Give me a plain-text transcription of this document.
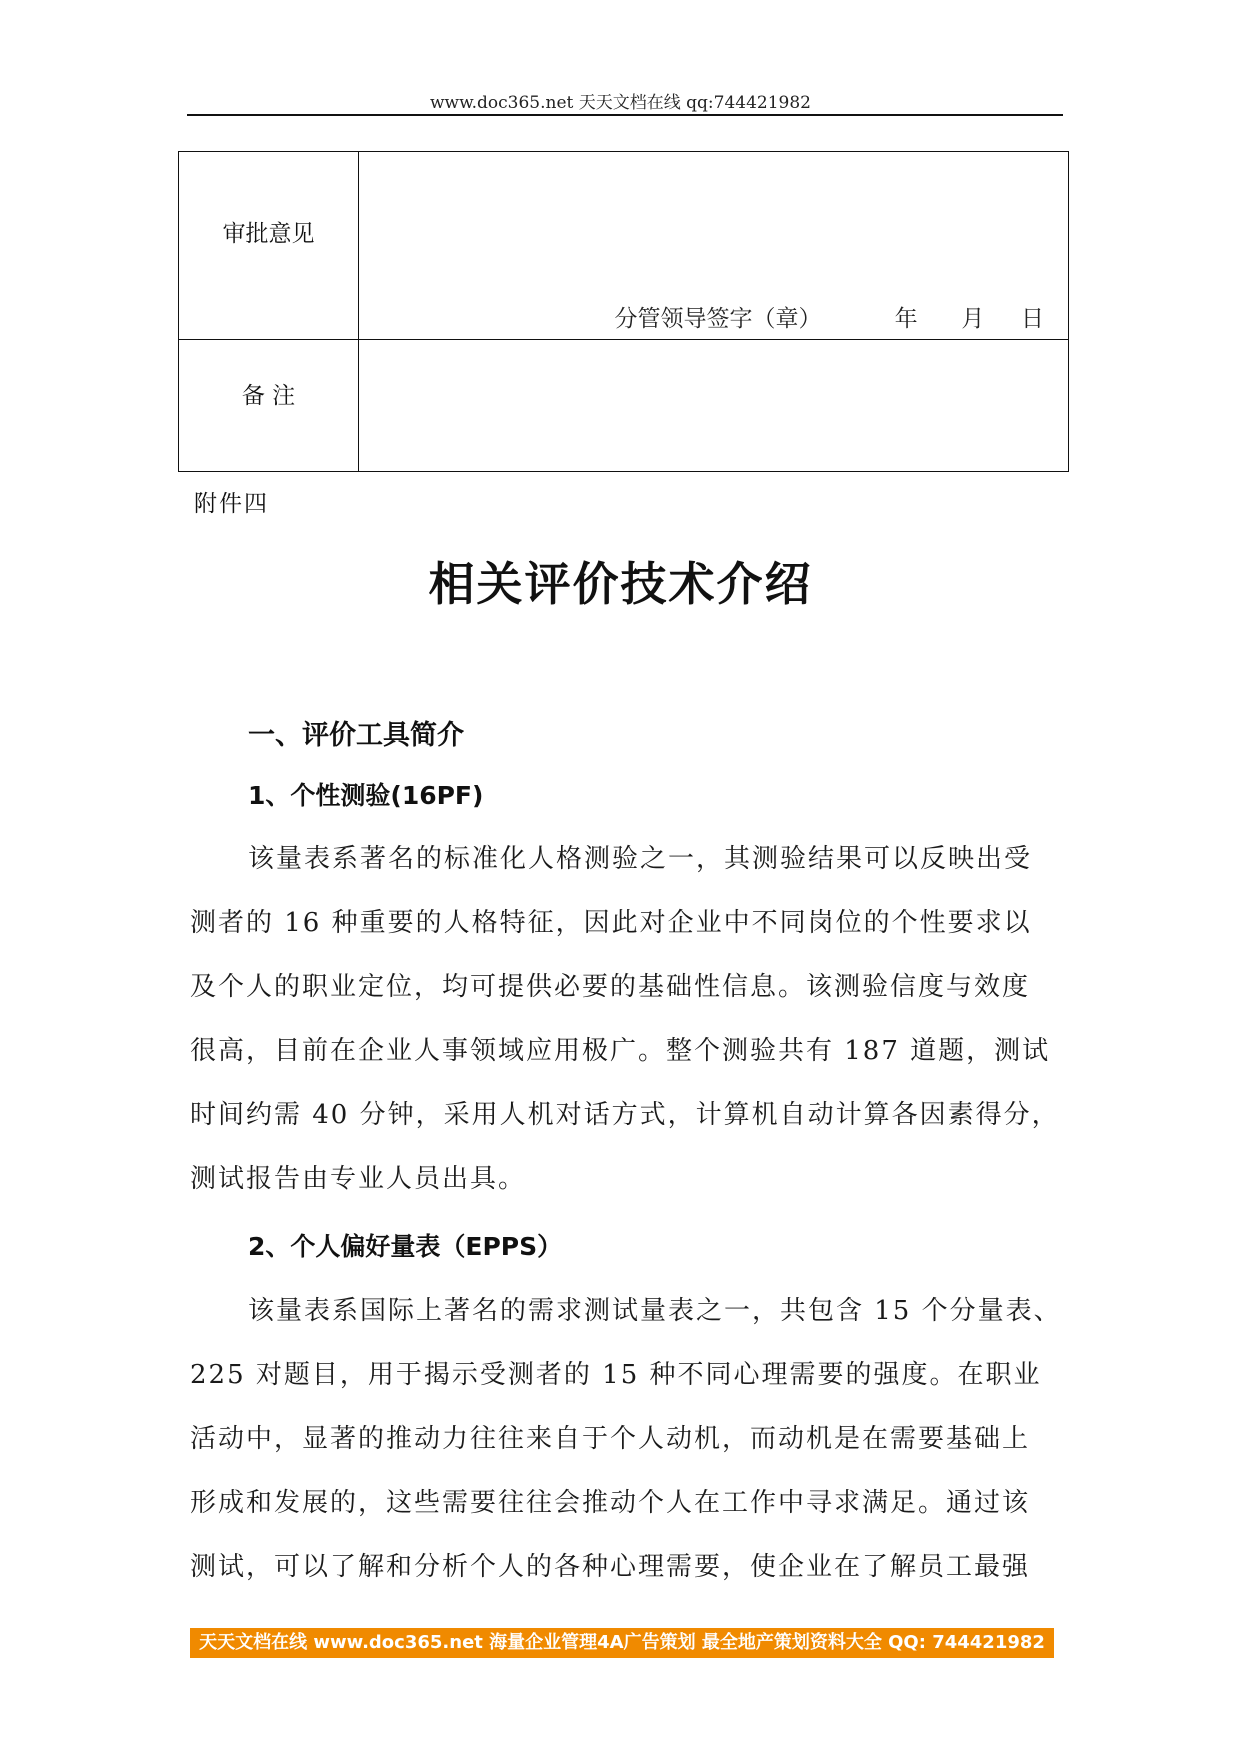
www.doc365.net 天天文档在线 qq:744421982
审批意见	分管领导签字（章）          年      月     日

备 注	
附件四
相关评价技术介绍
一、评价工具简介
1、个性测验(16PF)
该量表系著名的标准化人格测验之一，其测验结果可以反映出受
测者的 16 种重要的人格特征，因此对企业中不同岗位的个性要求以
及个人的职业定位，均可提供必要的基础性信息。该测验信度与效度
很高，目前在企业人事领域应用极广。整个测验共有 187 道题，测试
时间约需 40 分钟，采用人机对话方式，计算机自动计算各因素得分，
测试报告由专业人员出具。
2、个人偏好量表（EPPS）
该量表系国际上著名的需求测试量表之一，共包含 15 个分量表、
225 对题目，用于揭示受测者的 15 种不同心理需要的强度。在职业
活动中，显著的推动力往往来自于个人动机，而动机是在需要基础上
形成和发展的，这些需要往往会推动个人在工作中寻求满足。通过该
测试，可以了解和分析个人的各种心理需要，使企业在了解员工最强
天天文档在线 www.doc365.net 海量企业管理4A广告策划 最全地产策划资料大全 QQ: 744421982
